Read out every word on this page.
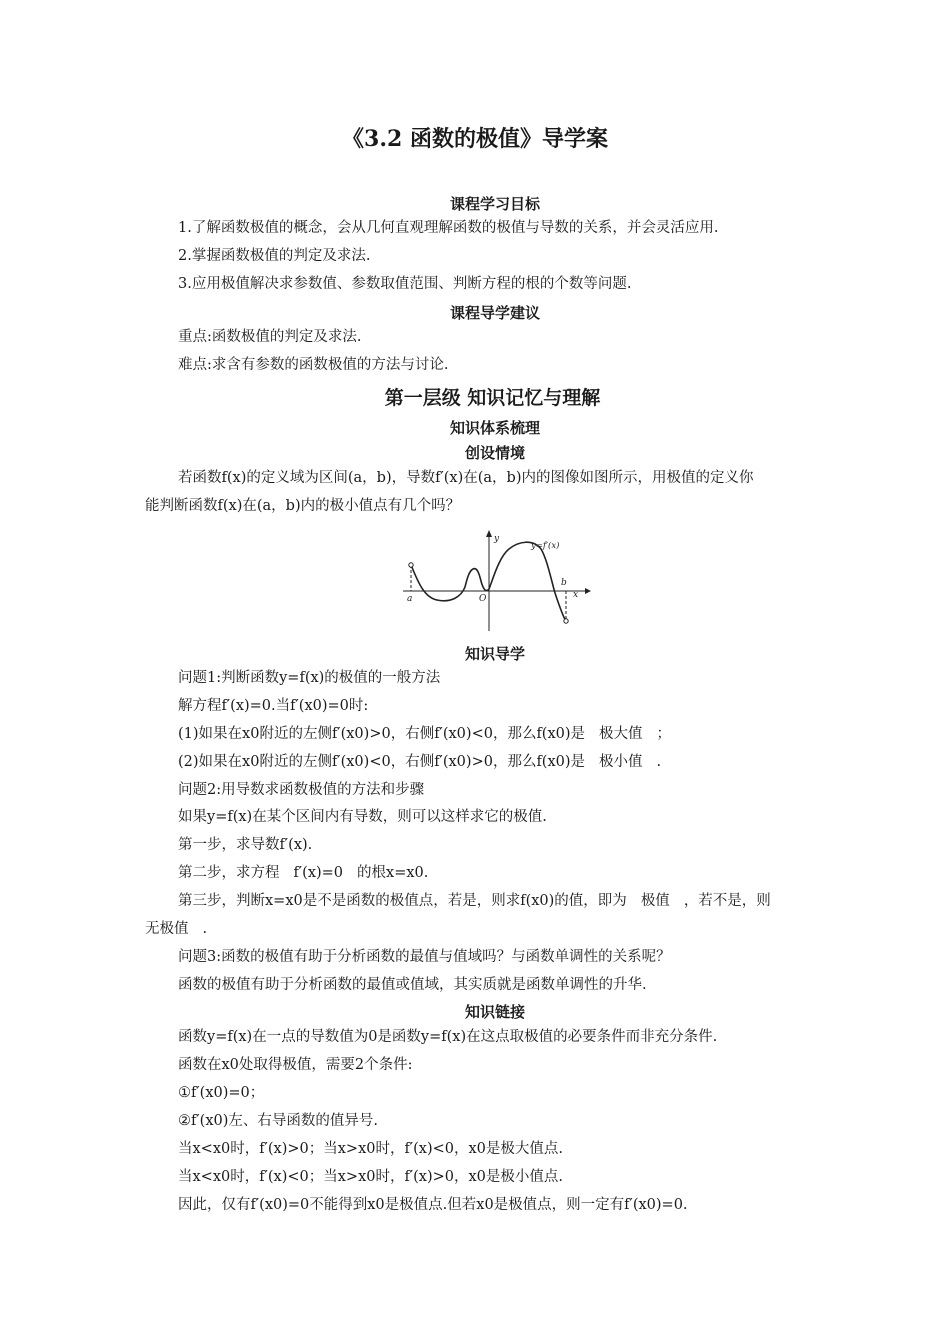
《3.2 函数的极值》导学案
课程学习目标
1.了解函数极值的概念，会从几何直观理解函数的极值与导数的关系，并会灵活应用.
2.掌握函数极值的判定及求法.
3.应用极值解决求参数值、参数取值范围、判断方程的根的个数等问题.
课程导学建议
重点:函数极值的判定及求法.
难点:求含有参数的函数极值的方法与讨论.
第一层级 知识记忆与理解
知识体系梳理
创设情境
若函数f(x)的定义域为区间(a，b)，导数f′(x)在(a，b)内的图像如图所示，用极值的定义你
能判断函数f(x)在(a，b)内的极小值点有几个吗？
y
x
O
a
b
y=f′(x)
知识导学
问题1:判断函数y=f(x)的极值的一般方法
解方程f′(x)=0.当f′(x0)=0时:
(1)如果在x0附近的左侧f′(x0)>0，右侧f′(x0)<0，那么f(x0)是 极大值 ；
(2)如果在x0附近的左侧f′(x0)<0，右侧f′(x0)>0，那么f(x0)是 极小值 .
问题2:用导数求函数极值的方法和步骤
如果y=f(x)在某个区间内有导数，则可以这样求它的极值.
第一步，求导数f′(x).
第二步，求方程 f′(x)=0 的根x=x0.
第三步，判断x=x0是不是函数的极值点，若是，则求f(x0)的值，即为 极值 ，若不是，则
无极值 .
问题3:函数的极值有助于分析函数的最值与值域吗？与函数单调性的关系呢？
函数的极值有助于分析函数的最值或值域，其实质就是函数单调性的升华.
知识链接
函数y=f(x)在一点的导数值为0是函数y=f(x)在这点取极值的必要条件而非充分条件.
函数在x0处取得极值，需要2个条件:
①f′(x0)=0；
②f′(x0)左、右导函数的值异号.
当x<x0时，f′(x)>0；当x>x0时，f′(x)<0，x0是极大值点.
当x<x0时，f′(x)<0；当x>x0时，f′(x)>0，x0是极小值点.
因此，仅有f′(x0)=0不能得到x0是极值点.但若x0是极值点，则一定有f′(x0)=0.
